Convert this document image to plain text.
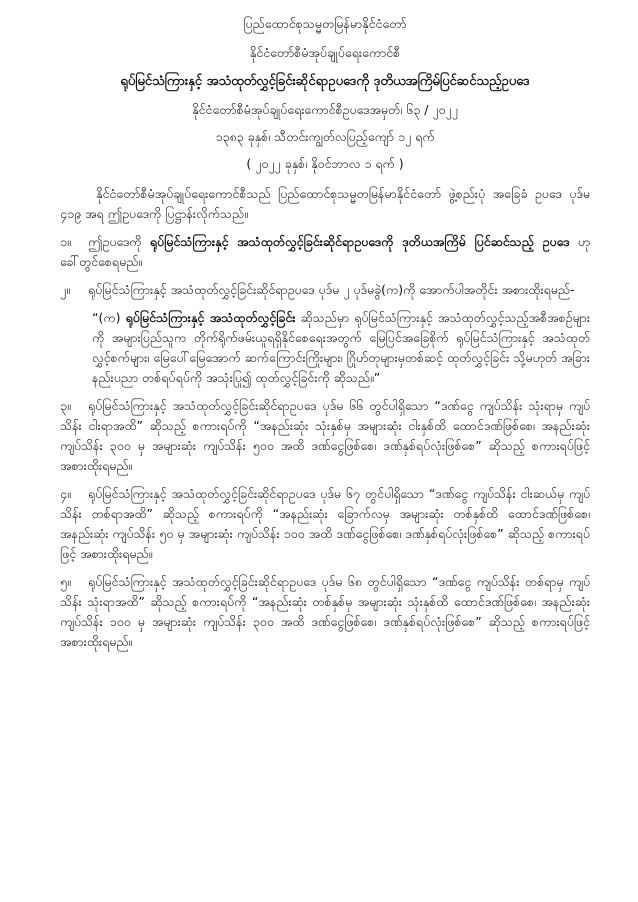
ပြည်ထောင်စုသမ္မတမြန်မာနိုင်ငံတော်
နိုင်ငံတော်စီမံအုပ်ချုပ်ရေးကောင်စီ
ရုပ်မြင်သံကြားနှင့် အသံထုတ်လွှင့်ခြင်းဆိုင်ရာဥပဒေကို ဒုတိယအကြိမ်ပြင်ဆင်သည့်ဥပဒေ
နိုင်ငံတော်စီမံအုပ်ချုပ်ရေးကောင်စီဥပဒေအမှတ်၊ ၆၃ / ၂၀၂၂
၁၃၈၃ ခုနှစ်၊ သီတင်းကျွတ်လပြည့်ကျော် ၁၂ ရက်
( ၂၀၂၂ ခုနှစ်၊ နိုဝင်ဘာလ ၁ ရက် )
နိုင်ငံတော်စီမံအုပ်ချုပ်ရေးကောင်စီသည် ပြည်ထောင်စုသမ္မတမြန်မာနိုင်ငံတော် ဖွဲ့စည်းပုံ အခြေခံ ဥပဒေ ပုဒ်မ ၄၁၉ အရ ဤဥပဒေကို ပြဋ္ဌာန်းလိုက်သည်။
၁။ ဤဥပဒေကို ရုပ်မြင်သံကြားနှင့် အသံထုတ်လွှင့်ခြင်းဆိုင်ရာဥပဒေကို ဒုတိယအကြိမ် ပြင်ဆင်သည့် ဥပဒေ ဟု ခေါ်တွင်စေရမည်။
၂။ ရုပ်မြင်သံကြားနှင့် အသံထုတ်လွှင့်ခြင်းဆိုင်ရာဥပဒေ ပုဒ်မ ၂ ပုဒ်မခွဲ(က)ကို အောက်ပါအတိုင်း အစားထိုးရမည်-
“(က) ရုပ်မြင်သံကြားနှင့် အသံထုတ်လွှင့်ခြင်း ဆိုသည်မှာ ရုပ်မြင်သံကြားနှင့် အသံထုတ်လွှင့်သည့်အစီအစဉ်များကို အများပြည်သူက တိုက်ရိုက်ဖမ်းယူရရှိနိုင်စေရေးအတွက် မြေပြင်အခြေစိုက် ရုပ်မြင်သံကြားနှင့် အသံထုတ်လွှင့်စက်များ၊ မြေပေါ်မြေအောက် ဆက်ကြောင်းကြိုးများ၊ ဂြိုဟ်တုများမှတစ်ဆင့် ထုတ်လွှင့်ခြင်း သို့မဟုတ် အခြားနည်းပညာ တစ်ရပ်ရပ်ကို အသုံးပြု၍ ထုတ်လွှင့်ခြင်းကို ဆိုသည်။”
၃။ ရုပ်မြင်သံကြားနှင့် အသံထုတ်လွှင့်ခြင်းဆိုင်ရာဥပဒေ ပုဒ်မ ၆၆ တွင်ပါရှိသော “ဒဏ်ငွေ ကျပ်သိန်း သုံးရာမှ ကျပ်သိန်း ငါးရာအထိ” ဆိုသည့် စကားရပ်ကို “အနည်းဆုံး သုံးနှစ်မှ အများဆုံး ငါးနှစ်ထိ ထောင်ဒဏ်ဖြစ်စေ၊ အနည်းဆုံး ကျပ်သိန်း ၃၀၀ မှ အများဆုံး ကျပ်သိန်း ၅၀၀ အထိ ဒဏ်ငွေဖြစ်စေ၊ ဒဏ်နှစ်ရပ်လုံးဖြစ်စေ” ဆိုသည့် စကားရပ်ဖြင့် အစားထိုးရမည်။
၄။ ရုပ်မြင်သံကြားနှင့် အသံထုတ်လွှင့်ခြင်းဆိုင်ရာဥပဒေ ပုဒ်မ ၆၇ တွင်ပါရှိသော “ဒဏ်ငွေ ကျပ်သိန်း ငါးဆယ်မှ ကျပ်သိန်း တစ်ရာအထိ” ဆိုသည့် စကားရပ်ကို “အနည်းဆုံး ခြောက်လမှ အများဆုံး တစ်နှစ်ထိ ထောင်ဒဏ်ဖြစ်စေ၊ အနည်းဆုံး ကျပ်သိန်း ၅၀ မှ အများဆုံး ကျပ်သိန်း ၁၀၀ အထိ ဒဏ်ငွေဖြစ်စေ၊ ဒဏ်နှစ်ရပ်လုံးဖြစ်စေ” ဆိုသည့် စကားရပ်ဖြင့် အစားထိုးရမည်။
၅။ ရုပ်မြင်သံကြားနှင့် အသံထုတ်လွှင့်ခြင်းဆိုင်ရာဥပဒေ ပုဒ်မ ၆၈ တွင်ပါရှိသော “ဒဏ်ငွေ ကျပ်သိန်း တစ်ရာမှ ကျပ်သိန်း သုံးရာအထိ” ဆိုသည့် စကားရပ်ကို “အနည်းဆုံး တစ်နှစ်မှ အများဆုံး သုံးနှစ်ထိ ထောင်ဒဏ်ဖြစ်စေ၊ အနည်းဆုံး ကျပ်သိန်း ၁၀၀ မှ အများဆုံး ကျပ်သိန်း ၃၀၀ အထိ ဒဏ်ငွေဖြစ်စေ၊ ဒဏ်နှစ်ရပ်လုံးဖြစ်စေ” ဆိုသည့် စကားရပ်ဖြင့် အစားထိုးရမည်။
